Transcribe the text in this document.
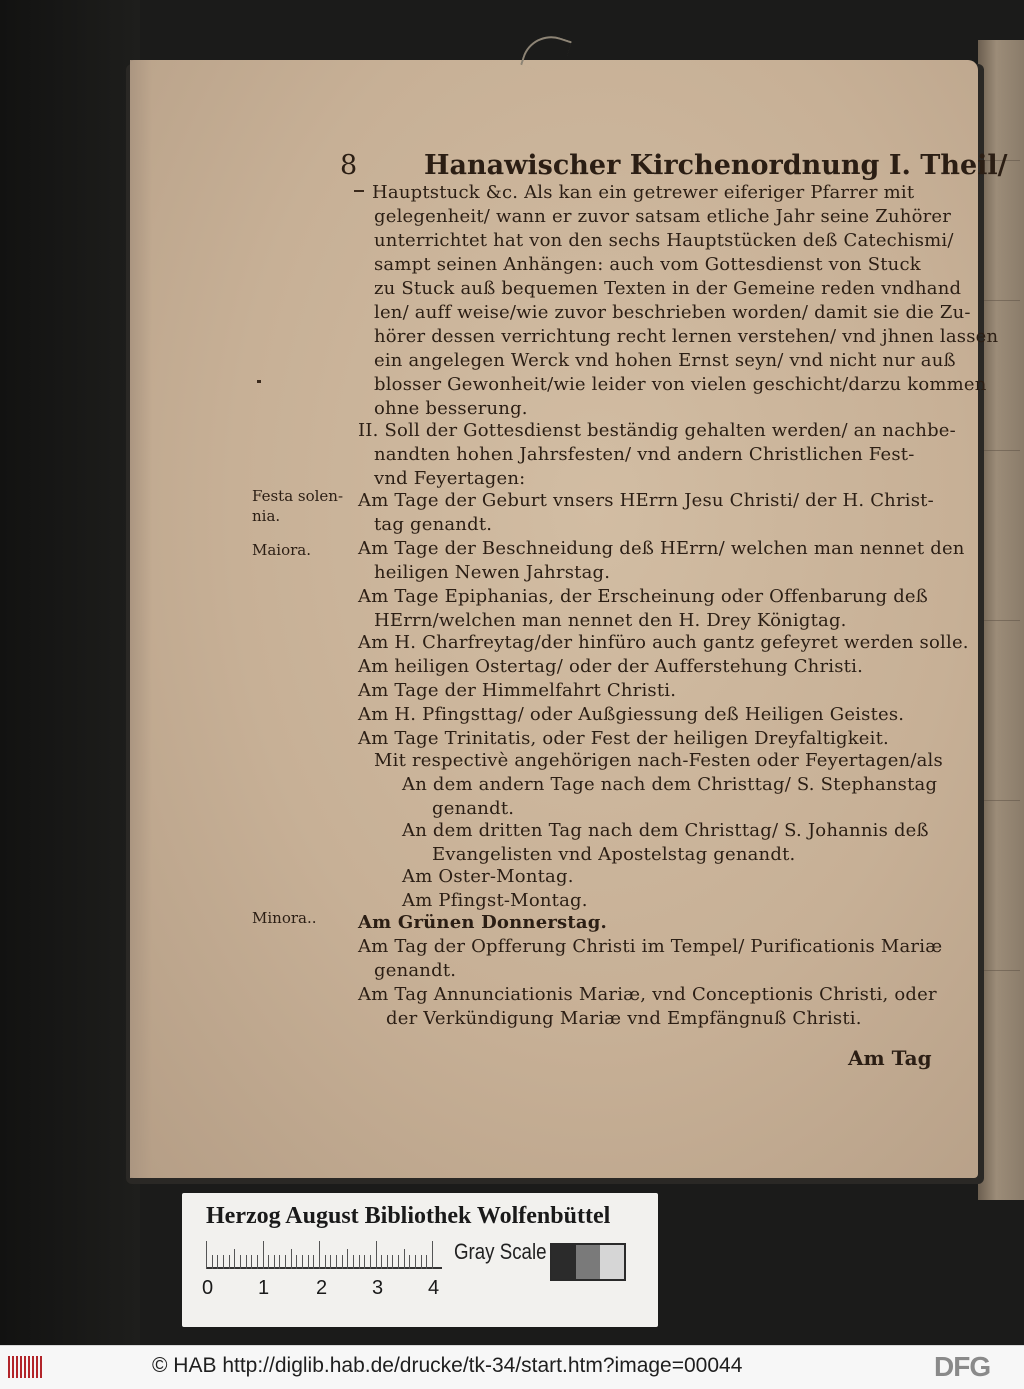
8 Hanawischer Kirchenordnung I. Theil/
Hauptstuck &c. Als kan ein getrewer eiferiger Pfarrer mit
gelegenheit/ wann er zuvor satsam etliche Jahr seine Zuhörer
unterrichtet hat von den sechs Hauptstücken deß Catechismi/
sampt seinen Anhängen: auch vom Gottesdienst von Stuck
zu Stuck auß bequemen Texten in der Gemeine reden vndhand
len/ auff weise/wie zuvor beschrieben worden/ damit sie die Zu-
hörer dessen verrichtung recht lernen verstehen/ vnd jhnen lassen
ein angelegen Werck vnd hohen Ernst seyn/ vnd nicht nur auß
blosser Gewonheit/wie leider von vielen geschicht/darzu kommen
ohne besserung.
II. Soll der Gottesdienst beständig gehalten werden/ an nachbe-
nandten hohen Jahrsfesten/ vnd andern Christlichen Fest-
vnd Feyertagen:
Am Tage der Geburt vnsers HErrn Jesu Christi/ der H. Christ-
tag genandt.
Am Tage der Beschneidung deß HErrn/ welchen man nennet den
heiligen Newen Jahrstag.
Am Tage Epiphanias, der Erscheinung oder Offenbarung deß
HErrn/welchen man nennet den H. Drey Königtag.
Am H. Charfreytag/der hinfüro auch gantz gefeyret werden solle.
Am heiligen Ostertag/ oder der Aufferstehung Christi.
Am Tage der Himmelfahrt Christi.
Am H. Pfingsttag/ oder Außgiessung deß Heiligen Geistes.
Am Tage Trinitatis, oder Fest der heiligen Dreyfaltigkeit.
Mit respectivè angehörigen nach-Festen oder Feyertagen/als
An dem andern Tage nach dem Christtag/ S. Stephanstag
genandt.
An dem dritten Tag nach dem Christtag/ S. Johannis deß
Evangelisten vnd Apostelstag genandt.
Am Oster-Montag.
Am Pfingst-Montag.
Am Grünen Donnerstag.
Am Tag der Opfferung Christi im Tempel/ Purificationis Mariæ
genandt.
Am Tag Annunciationis Mariæ, vnd Conceptionis Christi, oder
der Verkündigung Mariæ vnd Empfängnuß Christi.
Festa solen-
nia.
Maiora.
Minora..
Am Tag
Herzog August Bibliothek Wolfenbüttel
0 1 2 3 4
Gray Scale
© HAB http://diglib.hab.de/drucke/tk-34/start.htm?image=00044	DFG
